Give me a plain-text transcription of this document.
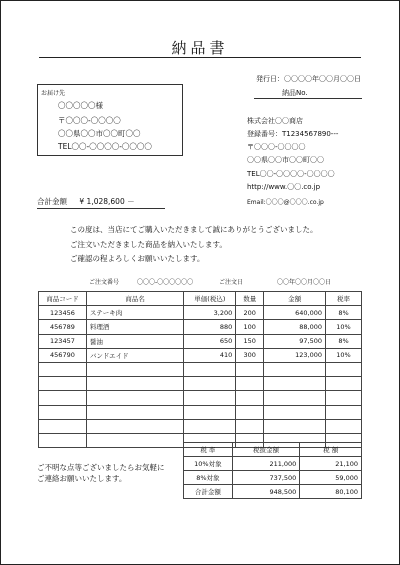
納品書
発行日：〇〇〇〇年〇〇月〇〇日
納品No.
お届け先
〇〇〇〇〇様
〒〇〇〇-〇〇〇〇
〇〇県〇〇市〇〇町〇〇
TEL〇〇-〇〇〇〇-〇〇〇〇
株式会社〇〇商店
登録番号：T1234567890---
〒〇〇〇-〇〇〇〇
〇〇県〇〇市〇〇町〇〇
TEL〇〇-〇〇〇〇-〇〇〇〇
http://www.〇〇.co.jp
Email:〇〇〇@〇〇〇.co.jp
合計金額 ¥ 1,028,600 －
この度は、当店にてご購入いただきまして誠にありがとうございました。
ご注文いただきました商品を納入いたします。
ご確認の程よろしくお願いいたします。
ご注文番号	〇〇〇-〇〇〇〇〇〇	ご注文日	〇〇年〇〇月〇〇日
商品コード	商品名	単価(税込)	数量	金額	税率
123456	ステーキ肉	3,200	200	640,000	8%
456789	料理酒	880	100	88,000	10%
123457	醤油	650	150	97,500	8%
456790	バンドエイド	410	300	123,000	10%

ご不明な点等ございましたらお気軽に
ご連絡お願いいたします。
税 率	税抜金額	税 額
10%対象	211,000	21,100
8%対象	737,500	59,000
合計金額	948,500	80,100
